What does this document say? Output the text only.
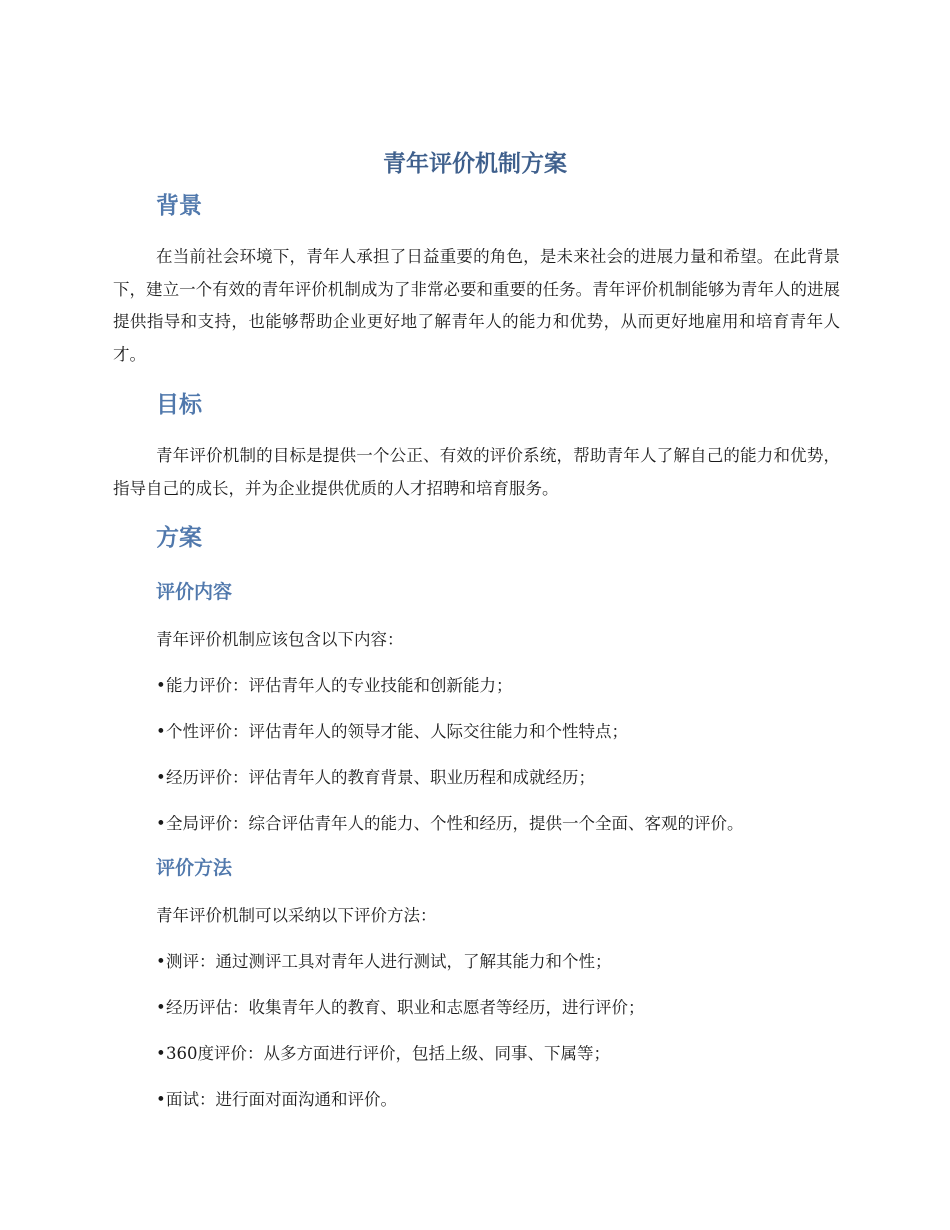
青年评价机制方案
背景

在当前社会环境下，青年人承担了日益重要的角色，是未来社会的进展力量和希望。在此背景下，建立一个有效的青年评价机制成为了非常必要和重要的任务。青年评价机制能够为青年人的进展提供指导和支持，也能够帮助企业更好地了解青年人的能力和优势，从而更好地雇用和培育青年人才。

目标

青年评价机制的目标是提供一个公正、有效的评价系统，帮助青年人了解自己的能力和优势，指导自己的成长，并为企业提供优质的人才招聘和培育服务。

方案
评价内容

青年评价机制应该包含以下内容：

•能力评价：评估青年人的专业技能和创新能力；

•个性评价：评估青年人的领导才能、人际交往能力和个性特点；

•经历评价：评估青年人的教育背景、职业历程和成就经历；

•全局评价：综合评估青年人的能力、个性和经历，提供一个全面、客观的评价。

评价方法

青年评价机制可以采纳以下评价方法：

•测评：通过测评工具对青年人进行测试，了解其能力和个性；

•经历评估：收集青年人的教育、职业和志愿者等经历，进行评价；

•360度评价：从多方面进行评价，包括上级、同事、下属等；

•面试：进行面对面沟通和评价。
